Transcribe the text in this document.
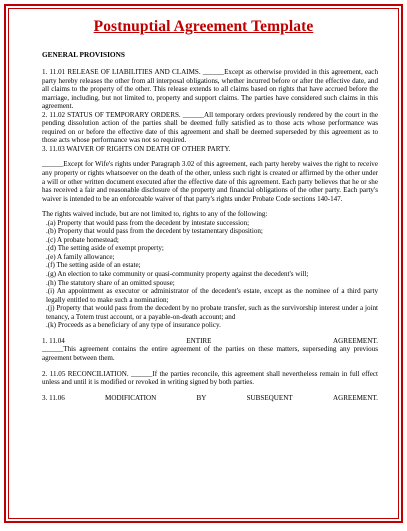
Postnuptial Agreement Template
GENERAL PROVISIONS

1. 11.01 RELEASE OF LIABILITIES AND CLAIMS. ______Except as otherwise provided in this agreement, each party hereby releases the other from all interposal obligations, whether incurred before or after the effective date, and all claims to the property of the other. This release extends to all claims based on rights that have accrued before the marriage, including, but not limited to, property and support claims. The parties have considered such claims in this agreement.

2. 11.02 STATUS OF TEMPORARY ORDERS. ______All temporary orders previously rendered by the court in the pending dissolution action of the parties shall be deemed fully satisfied as to those acts whose performance was required on or before the effective date of this agreement and shall be deemed superseded by this agreement as to those acts whose performance was not so required.

3. 11.03 WAIVER OF RIGHTS ON DEATH OF OTHER PARTY.

______Except for Wife's rights under Paragraph 3.02 of this agreement, each party hereby waives the right to receive any property or rights whatsoever on the death of the other, unless such right is created or affirmed by the other under a will or other written document executed after the effective date of this agreement. Each party believes that he or she has received a fair and reasonable disclosure of the property and financial obligations of the other party. Each party's waiver is intended to be an enforceable waiver of that party's rights under Probate Code sections 140-147.

The rights waived include, but are not limited to, rights to any of the following:

.(a) Property that would pass from the decedent by intestate succession;
.(b) Property that would pass from the decedent by testamentary disposition;
.(c) A probate homestead;
.(d) The setting aside of exempt property;
.(e) A family allowance;
.(f) The setting aside of an estate;
.(g) An election to take community or quasi-community property against the decedent's will;
.(h) The statutory share of an omitted spouse;
.(i) An appointment as executor or administrator of the decedent's estate, except as the nominee of a third party legally entitled to make such a nomination;
.(j) Property that would pass from the decedent by no probate transfer, such as the survivorship interest under a joint tenancy, a Totem trust account, or a payable-on-death account; and
.(k) Proceeds as a beneficiary of any type of insurance policy.
1. 11.04	ENTIRE	AGREEMENT.

______This agreement contains the entire agreement of the parties on these matters, superseding any previous agreement between them.

2. 11.05 RECONCILIATION. ______If the parties reconcile, this agreement shall nevertheless remain in full effect unless and until it is modified or revoked in writing signed by both parties.

3. 11.06	MODIFICATION	BY	SUBSEQUENT	AGREEMENT.
